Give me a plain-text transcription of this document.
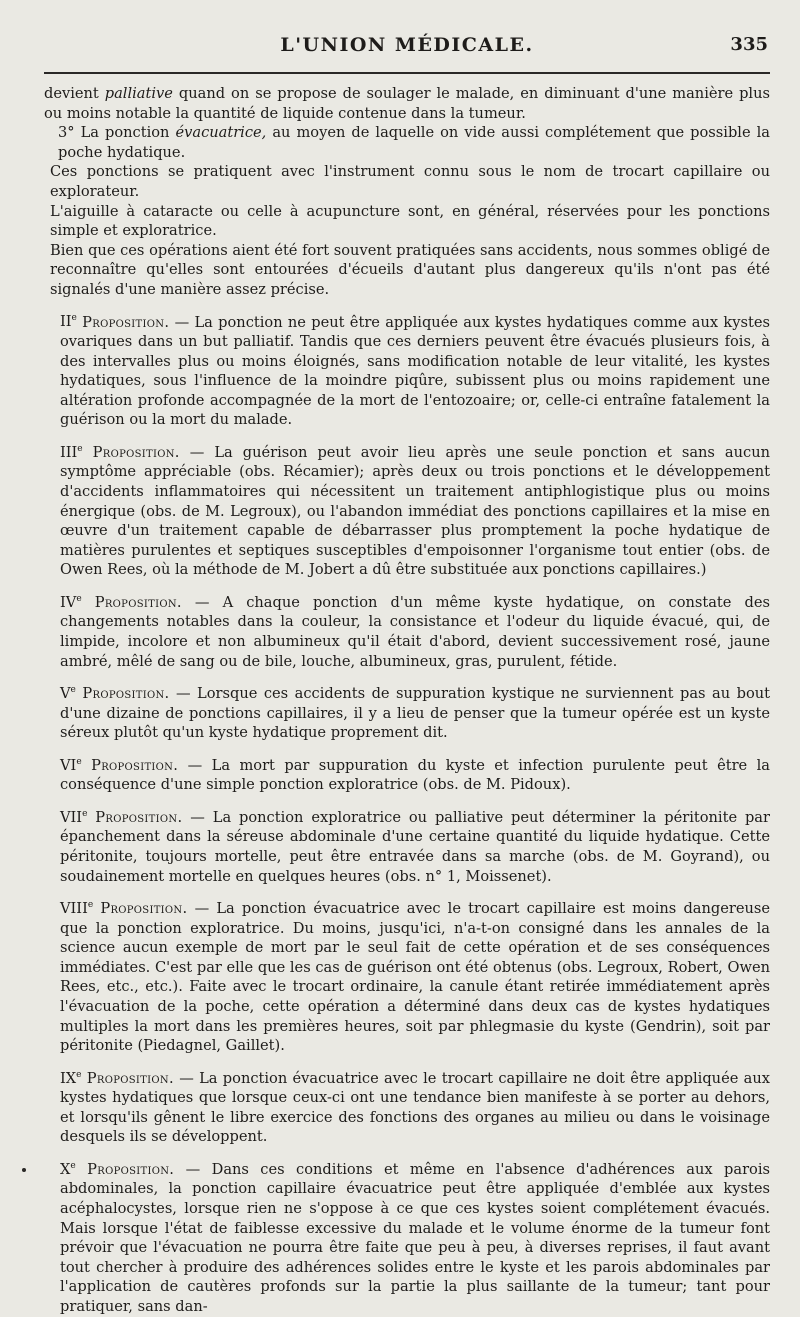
L'UNION MÉDICALE.	335

devient palliative quand on se propose de soulager le malade, en diminuant d'une manière plus ou moins notable la quantité de liquide contenue dans la tumeur.

3° La ponction évacuatrice, au moyen de laquelle on vide aussi complétement que possible la poche hydatique.

Ces ponctions se pratiquent avec l'instrument connu sous le nom de trocart capillaire ou explorateur.

L'aiguille à cataracte ou celle à acupuncture sont, en général, réservées pour les ponctions simple et exploratrice.

Bien que ces opérations aient été fort souvent pratiquées sans accidents, nous sommes obligé de reconnaître qu'elles sont entourées d'écueils d'autant plus dangereux qu'ils n'ont pas été signalés d'une manière assez précise.

IIe Proposition. — La ponction ne peut être appliquée aux kystes hydatiques comme aux kystes ovariques dans un but palliatif. Tandis que ces derniers peuvent être évacués plusieurs fois, à des intervalles plus ou moins éloignés, sans modification notable de leur vitalité, les kystes hydatiques, sous l'influence de la moindre piqûre, subissent plus ou moins rapidement une altération profonde accompagnée de la mort de l'entozoaire; or, celle-ci entraîne fatalement la guérison ou la mort du malade.

IIIe Proposition. — La guérison peut avoir lieu après une seule ponction et sans aucun symptôme appréciable (obs. Récamier); après deux ou trois ponctions et le développement d'accidents inflammatoires qui nécessitent un traitement antiphlogistique plus ou moins énergique (obs. de M. Legroux), ou l'abandon immédiat des ponctions capillaires et la mise en œuvre d'un traitement capable de débarrasser plus promptement la poche hydatique de matières purulentes et septiques susceptibles d'empoisonner l'organisme tout entier (obs. de Owen Rees, où la méthode de M. Jobert a dû être substituée aux ponctions capillaires.)

IVe Proposition. — A chaque ponction d'un même kyste hydatique, on constate des changements notables dans la couleur, la consistance et l'odeur du liquide évacué, qui, de limpide, incolore et non albumineux qu'il était d'abord, devient successivement rosé, jaune ambré, mêlé de sang ou de bile, louche, albumineux, gras, purulent, fétide.

Ve Proposition. — Lorsque ces accidents de suppuration kystique ne surviennent pas au bout d'une dizaine de ponctions capillaires, il y a lieu de penser que la tumeur opérée est un kyste séreux plutôt qu'un kyste hydatique proprement dit.

VIe Proposition. — La mort par suppuration du kyste et infection purulente peut être la conséquence d'une simple ponction exploratrice (obs. de M. Pidoux).

VIIe Proposition. — La ponction exploratrice ou palliative peut déterminer la péritonite par épanchement dans la séreuse abdominale d'une certaine quantité du liquide hydatique. Cette péritonite, toujours mortelle, peut être entravée dans sa marche (obs. de M. Goyrand), ou soudainement mortelle en quelques heures (obs. n° 1, Moissenet).

VIIIe Proposition. — La ponction évacuatrice avec le trocart capillaire est moins dangereuse que la ponction exploratrice. Du moins, jusqu'ici, n'a-t-on consigné dans les annales de la science aucun exemple de mort par le seul fait de cette opération et de ses conséquences immédiates. C'est par elle que les cas de guérison ont été obtenus (obs. Legroux, Robert, Owen Rees, etc., etc.). Faite avec le trocart ordinaire, la canule étant retirée immédiatement après l'évacuation de la poche, cette opération a déterminé dans deux cas de kystes hydatiques multiples la mort dans les premières heures, soit par phlegmasie du kyste (Gendrin), soit par péritonite (Piedagnel, Gaillet).

IXe Proposition. — La ponction évacuatrice avec le trocart capillaire ne doit être appliquée aux kystes hydatiques que lorsque ceux-ci ont une tendance bien manifeste à se porter au dehors, et lorsqu'ils gênent le libre exercice des fonctions des organes au milieu ou dans le voisinage desquels ils se développent.

Xe Proposition. — Dans ces conditions et même en l'absence d'adhérences aux parois abdominales, la ponction capillaire évacuatrice peut être appliquée d'emblée aux kystes acéphalocystes, lorsque rien ne s'oppose à ce que ces kystes soient complétement évacués. Mais lorsque l'état de faiblesse excessive du malade et le volume énorme de la tumeur font prévoir que l'évacuation ne pourra être faite que peu à peu, à diverses reprises, il faut avant tout chercher à produire des adhérences solides entre le kyste et les parois abdominales par l'application de cautères profonds sur la partie la plus saillante de la tumeur; tant pour pratiquer, sans dan-
